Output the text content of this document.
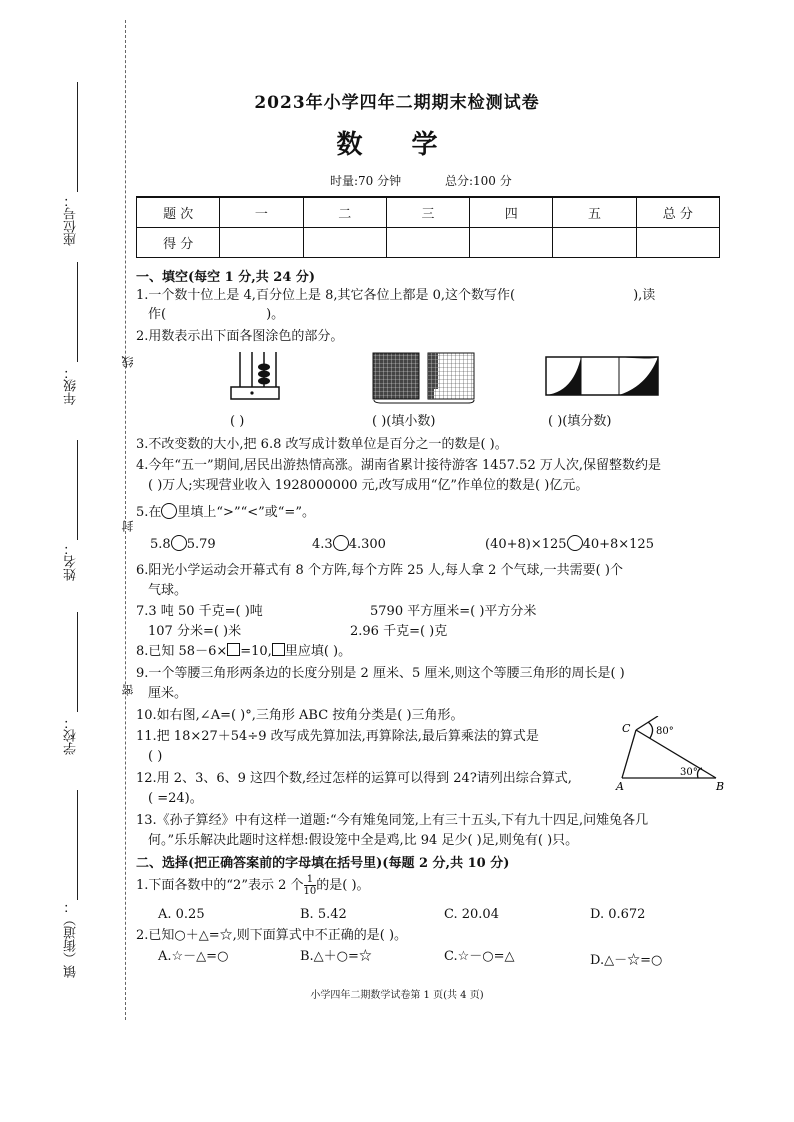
座位号：
年级：
姓名：
学校：
镇（街道）：
线
封
密
2023年小学四年二期期末检测试卷
数 学
时量:70 分钟	总分:100 分
题 次	一	二	三	四	五	总 分
得 分						
一、填空(每空 1 分,共 24 分)
1.一个数十位上是 4,百分位上是 8,其它各位上都是 0,这个数写作(	),读
作(	)。
2.用数表示出下面各图涂色的部分。
( )	( )(填小数)	( )(填分数)
3.不改变数的大小,把 6.8 改写成计数单位是百分之一的数是( )。
4.今年“五一”期间,居民出游热情高涨。湖南省累计接待游客 1457.52 万人次,保留整数约是
( )万人;实现营业收入 1928000000 元,改写成用“亿”作单位的数是( )亿元。
5.在 里填上“>”“<”或“=”。
5.8 5.79	4.3 4.300	(40+8)×125 40+8×125
6.阳光小学运动会开幕式有 8 个方阵,每个方阵 25 人,每人拿 2 个气球,一共需要( )个
气球。
7.3 吨 50 千克=( )吨	5790 平方厘米=( )平方分米
107 分米=( )米	2.96 千克=( )克
8.已知 58－6× =10, 里应填( )。
9.一个等腰三角形两条边的长度分别是 2 厘米、5 厘米,则这个等腰三角形的周长是( )
厘米。
10.如右图,∠A=( )°,三角形 ABC 按角分类是( )三角形。
11.把 18×27＋54÷9 改写成先算加法,再算除法,最后算乘法的算式是
( )
12.用 2、3、6、9 这四个数,经过怎样的运算可以得到 24?请列出综合算式,
( =24)。
C	80°
A	B
30°
13.《孙子算经》中有这样一道题:“今有雉兔同笼,上有三十五头,下有九十四足,问雉兔各几
何。”乐乐解决此题时这样想:假设笼中全是鸡,比 94 足少( )足,则兔有( )只。
二、选择(把正确答案前的字母填在括号里)(每题 2 分,共 10 分)
1.下面各数中的“2”表示 2 个 $\frac{1}{10}$ 的是( )。
A. 0.25	B. 5.42	C. 20.04	D. 0.672
2.已知○＋△=☆,则下面算式中不正确的是( )。
A.☆－△=○	B.△＋○=☆	C.☆－○=△	D.△－☆=○
小学四年二期数学试卷第 1 页(共 4 页)
